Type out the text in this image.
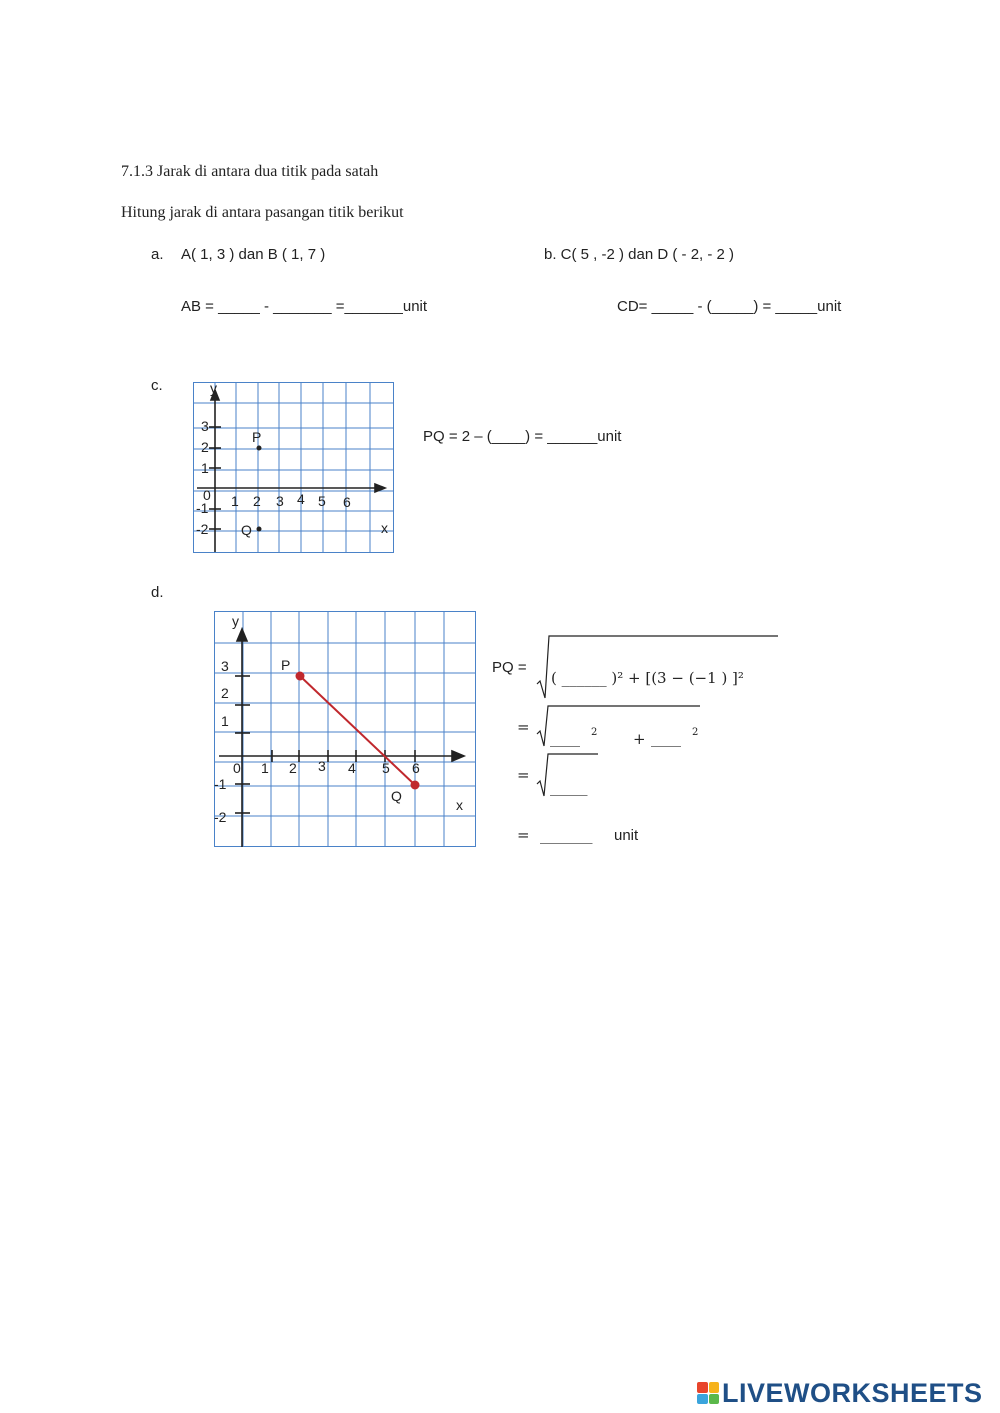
7.1.3 Jarak di antara dua titik pada satah
Hitung jarak di antara pasangan titik berikut
a. A( 1, 3 ) dan B ( 1, 7 )
AB = _____ - _______ =_______unit
b. C( 5 , -2 ) dan D ( - 2, - 2 )
CD= _____ - (_____) = _____unit
c.	y
x
0 1 2 3 4 5 6
3
2
1
-1
-2
P
Q
PQ = 2 – (____) = ______unit
d.
y
x
0 1 2 3 4 5 6
3
2
1
-1
-2
P
Q
PQ =
( ______ )² + [(3 − (−1 ) ]²
=
____ 2 + ____ 2
=
_____
= _______ unit
LIVEWORKSHEETS
